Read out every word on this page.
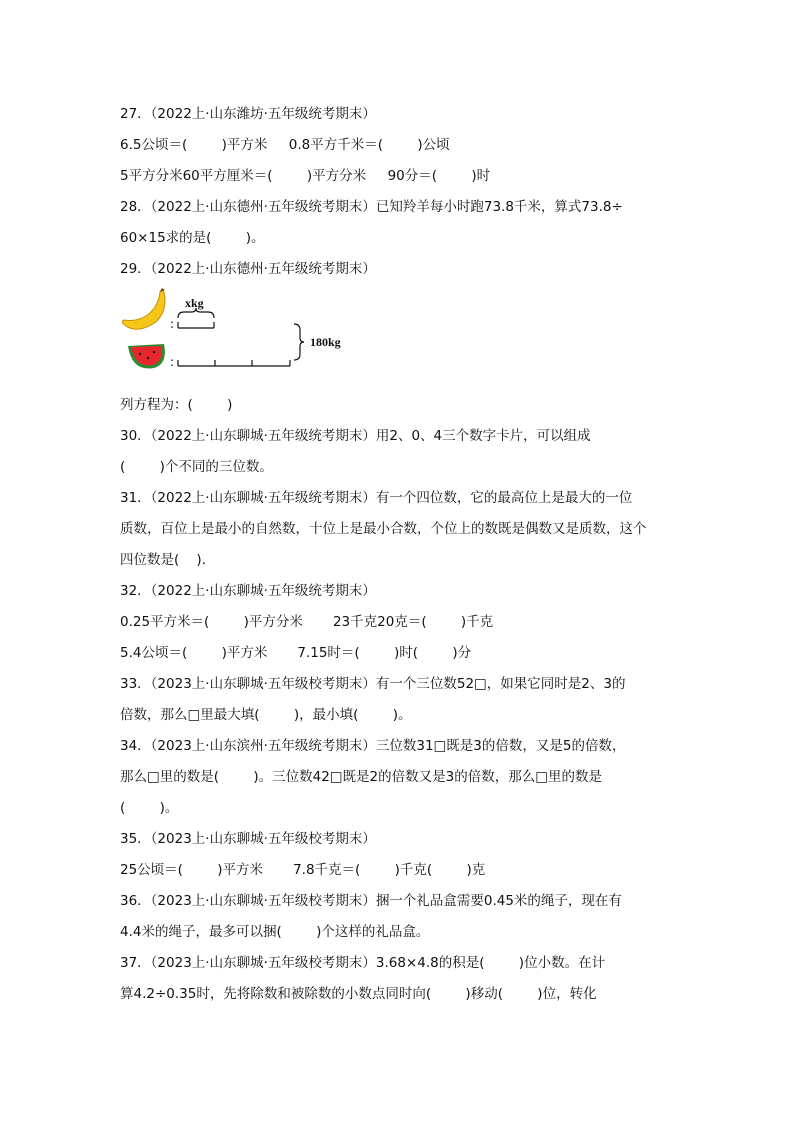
27．（2022上·山东潍坊·五年级统考期末）
6.5公顷＝(        )平方米     0.8平方千米＝(        )公顷
5平方分米60平方厘米＝(        )平方分米     90分＝(        )时
28．（2022上·山东德州·五年级统考期末）已知羚羊每小时跑73.8千米，算式73.8÷
60×15求的是(        )。
29．（2022上·山东德州·五年级统考期末）
列方程为：(        )
30．（2022上·山东聊城·五年级统考期末）用2、0、4三个数字卡片，可以组成
(        )个不同的三位数。
31．（2022上·山东聊城·五年级统考期末）有一个四位数，它的最高位上是最大的一位
质数，百位上是最小的自然数，十位上是最小合数，个位上的数既是偶数又是质数，这个
四位数是(    ).
32．（2022上·山东聊城·五年级统考期末）
0.25平方米＝(        )平方分米       23千克20克＝(        )千克
5.4公顷＝(        )平方米       7.15时＝(        )时(        )分
33．（2023上·山东聊城·五年级校考期末）有一个三位数52□，如果它同时是2、3的
倍数，那么□里最大填(        )，最小填(        )。
34．（2023上·山东滨州·五年级统考期末）三位数31□既是3的倍数，又是5的倍数，
那么□里的数是(        )。三位数42□既是2的倍数又是3的倍数，那么□里的数是
(        )。
35．（2023上·山东聊城·五年级校考期末）
25公顷＝(        )平方米       7.8千克＝(        )千克(        )克
36．（2023上·山东聊城·五年级校考期末）捆一个礼品盒需要0.45米的绳子，现在有
4.4米的绳子，最多可以捆(        )个这样的礼品盒。
37．（2023上·山东聊城·五年级校考期末）3.68×4.8的积是(        )位小数。在计
算4.2÷0.35时，先将除数和被除数的小数点同时向(        )移动(        )位，转化
:
:
xkg
180kg
